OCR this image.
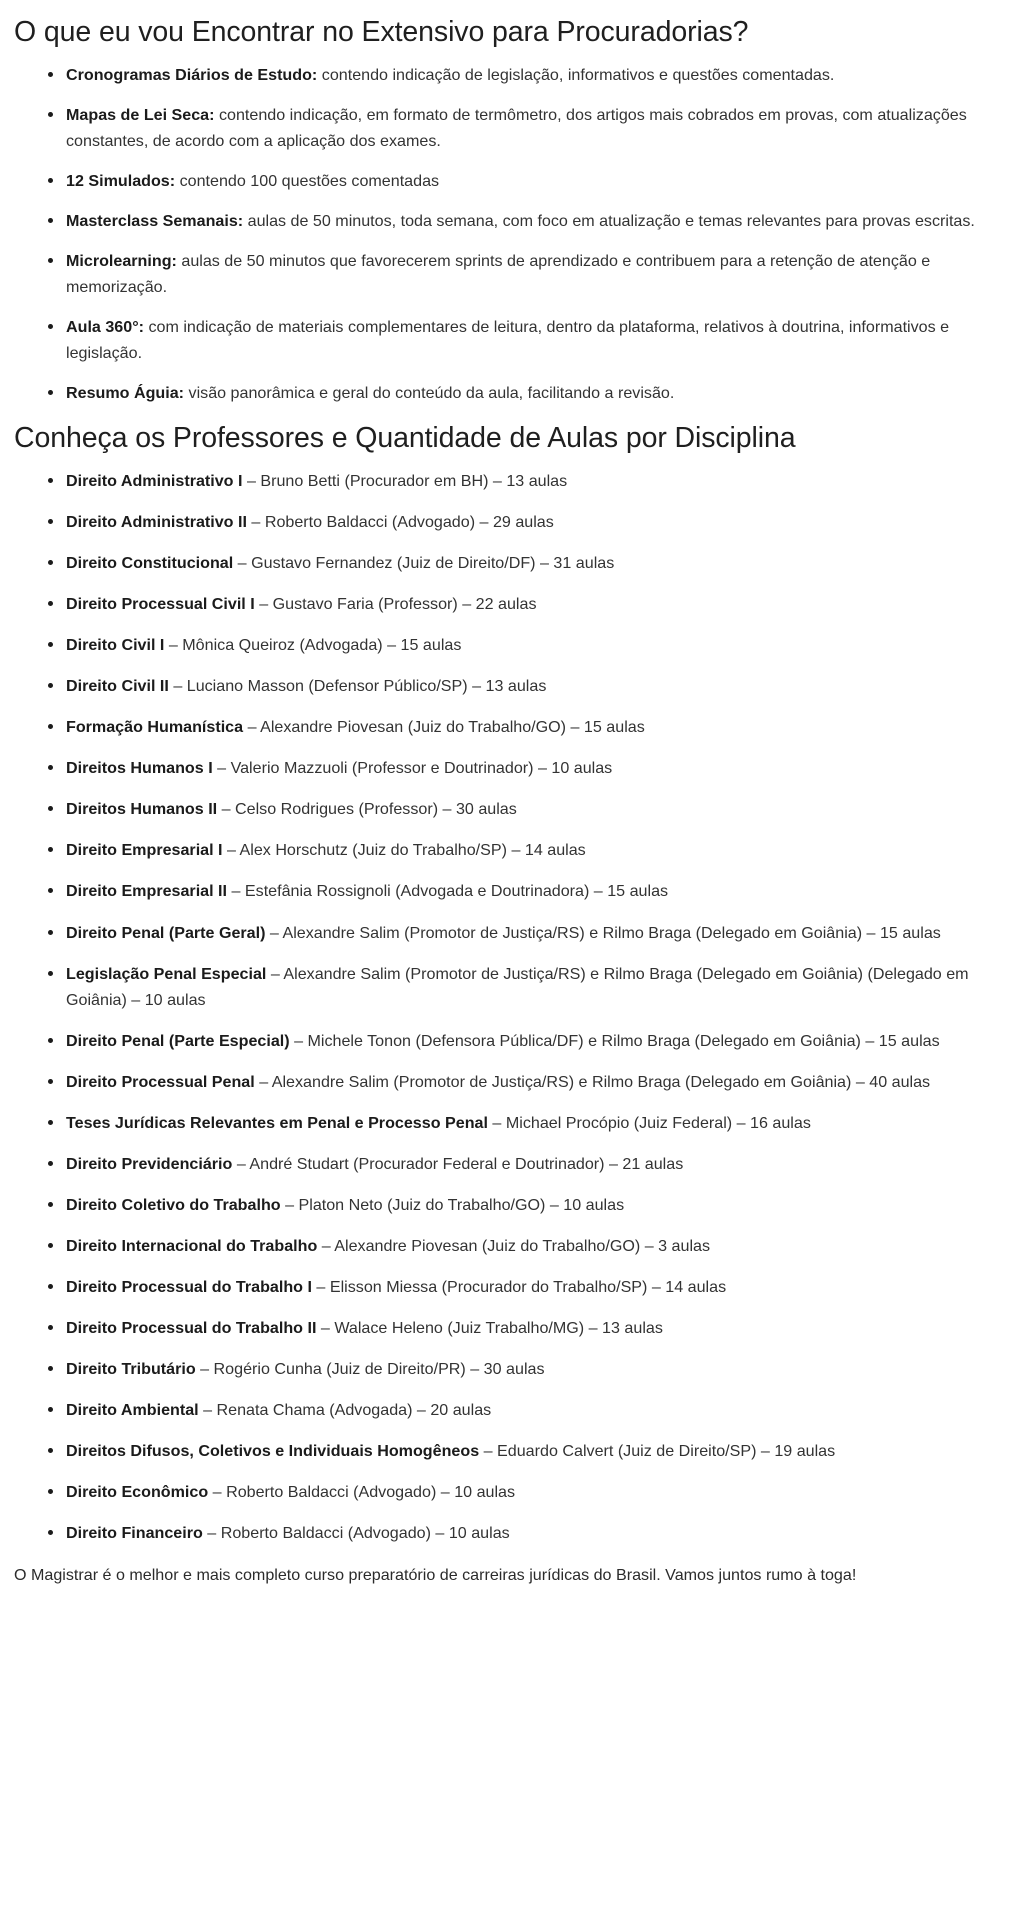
O que eu vou Encontrar no Extensivo para Procuradorias?
Cronogramas Diários de Estudo: contendo indicação de legislação, informativos e questões comentadas.
Mapas de Lei Seca: contendo indicação, em formato de termômetro, dos artigos mais cobrados em provas, com atualizações constantes, de acordo com a aplicação dos exames.
12 Simulados: contendo 100 questões comentadas
Masterclass Semanais: aulas de 50 minutos, toda semana, com foco em atualização e temas relevantes para provas escritas.
Microlearning: aulas de 50 minutos que favorecerem sprints de aprendizado e contribuem para a retenção de atenção e memorização.
Aula 360°: com indicação de materiais complementares de leitura, dentro da plataforma, relativos à doutrina, informativos e legislação.
Resumo Águia: visão panorâmica e geral do conteúdo da aula, facilitando a revisão.
Conheça os Professores e Quantidade de Aulas por Disciplina
Direito Administrativo I – Bruno Betti (Procurador em BH) – 13 aulas
Direito Administrativo II – Roberto Baldacci (Advogado) – 29 aulas
Direito Constitucional – Gustavo Fernandez (Juiz de Direito/DF) – 31 aulas
Direito Processual Civil I – Gustavo Faria (Professor) – 22 aulas
Direito Civil I – Mônica Queiroz (Advogada) – 15 aulas
Direito Civil II – Luciano Masson (Defensor Público/SP) – 13 aulas
Formação Humanística – Alexandre Piovesan (Juiz do Trabalho/GO) – 15 aulas
Direitos Humanos I – Valerio Mazzuoli (Professor e Doutrinador) – 10 aulas
Direitos Humanos II – Celso Rodrigues (Professor) – 30 aulas
Direito Empresarial I – Alex Horschutz (Juiz do Trabalho/SP) – 14 aulas
Direito Empresarial II – Estefânia Rossignoli (Advogada e Doutrinadora) – 15 aulas
Direito Penal (Parte Geral) – Alexandre Salim (Promotor de Justiça/RS) e Rilmo Braga (Delegado em Goiânia) – 15 aulas
Legislação Penal Especial – Alexandre Salim (Promotor de Justiça/RS) e Rilmo Braga (Delegado em Goiânia) (Delegado em Goiânia) – 10 aulas
Direito Penal (Parte Especial) – Michele Tonon (Defensora Pública/DF) e Rilmo Braga (Delegado em Goiânia) – 15 aulas
Direito Processual Penal – Alexandre Salim (Promotor de Justiça/RS) e Rilmo Braga (Delegado em Goiânia) – 40 aulas
Teses Jurídicas Relevantes em Penal e Processo Penal – Michael Procópio (Juiz Federal) – 16 aulas
Direito Previdenciário – André Studart (Procurador Federal e Doutrinador) – 21 aulas
Direito Coletivo do Trabalho – Platon Neto (Juiz do Trabalho/GO) – 10 aulas
Direito Internacional do Trabalho – Alexandre Piovesan (Juiz do Trabalho/GO) – 3 aulas
Direito Processual do Trabalho I – Elisson Miessa (Procurador do Trabalho/SP) – 14 aulas
Direito Processual do Trabalho II – Walace Heleno (Juiz Trabalho/MG) – 13 aulas
Direito Tributário – Rogério Cunha (Juiz de Direito/PR) – 30 aulas
Direito Ambiental – Renata Chama (Advogada) – 20 aulas
Direitos Difusos, Coletivos e Individuais Homogêneos – Eduardo Calvert (Juiz de Direito/SP) – 19 aulas
Direito Econômico – Roberto Baldacci (Advogado) – 10 aulas
Direito Financeiro – Roberto Baldacci (Advogado) – 10 aulas

O Magistrar é o melhor e mais completo curso preparatório de carreiras jurídicas do Brasil. Vamos juntos rumo à toga!
